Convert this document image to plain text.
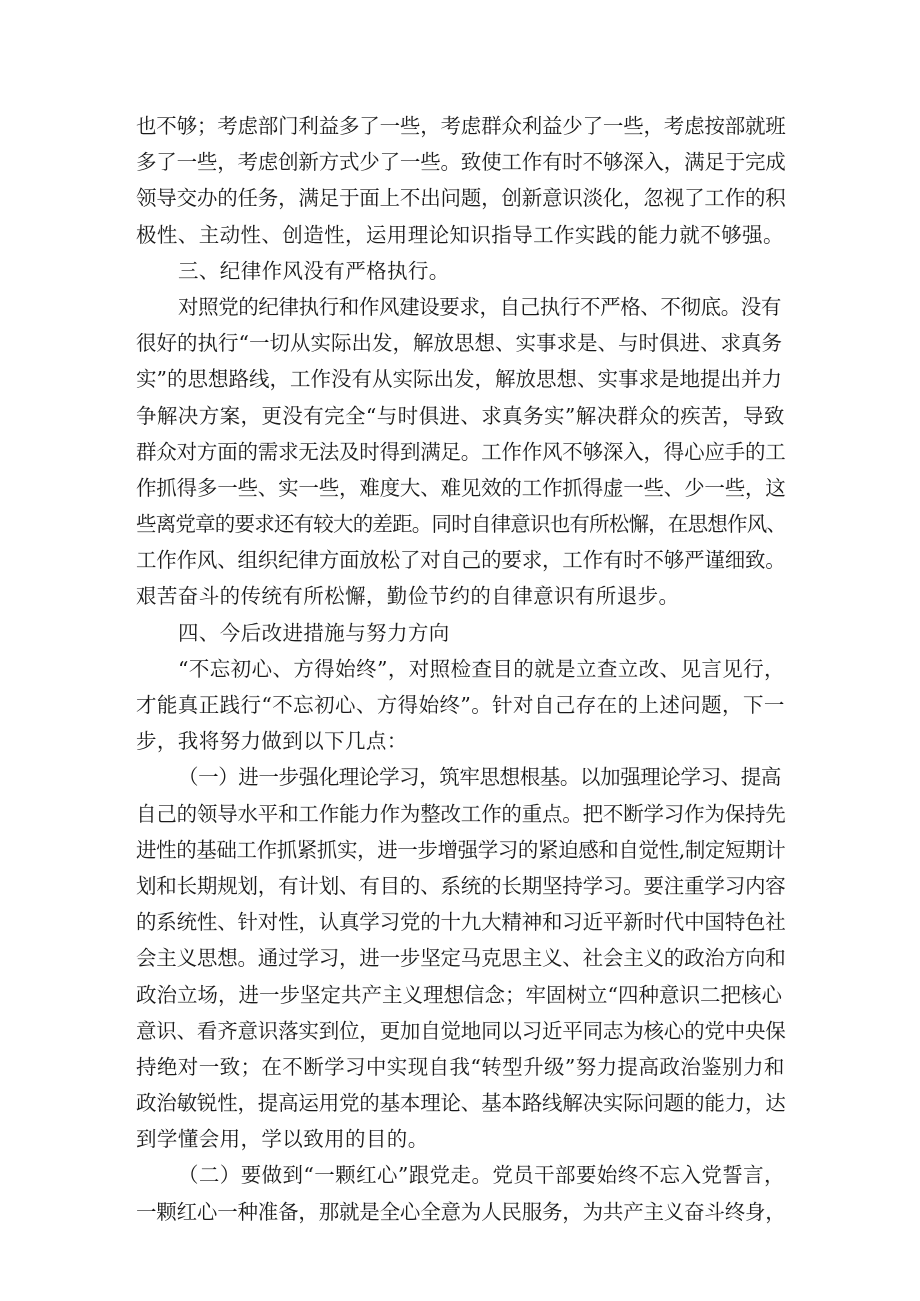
也不够；考虑部门利益多了一些，考虑群众利益少了一些，考虑按部就班
多了一些，考虑创新方式少了一些。致使工作有时不够深入，满足于完成
领导交办的任务，满足于面上不出问题，创新意识淡化，忽视了工作的积
极性、主动性、创造性，运用理论知识指导工作实践的能力就不够强。
三、纪律作风没有严格执行。
对照党的纪律执行和作风建设要求，自己执行不严格、不彻底。没有
很好的执行“一切从实际出发，解放思想、实事求是、与时俱进、求真务
实”的思想路线，工作没有从实际出发，解放思想、实事求是地提出并力
争解决方案，更没有完全“与时俱进、求真务实”解决群众的疾苦，导致
群众对方面的需求无法及时得到满足。工作作风不够深入，得心应手的工
作抓得多一些、实一些，难度大、难见效的工作抓得虚一些、少一些，这
些离党章的要求还有较大的差距。同时自律意识也有所松懈，在思想作风、
工作作风、组织纪律方面放松了对自己的要求，工作有时不够严谨细致。
艰苦奋斗的传统有所松懈，勤俭节约的自律意识有所退步。
四、今后改进措施与努力方向
“不忘初心、方得始终”，对照检查目的就是立查立改、见言见行，
才能真正践行“不忘初心、方得始终”。针对自己存在的上述问题，下一
步，我将努力做到以下几点：
（一）进一步强化理论学习，筑牢思想根基。以加强理论学习、提高
自己的领导水平和工作能力作为整改工作的重点。把不断学习作为保持先
进性的基础工作抓紧抓实，进一步增强学习的紧迫感和自觉性,制定短期计
划和长期规划，有计划、有目的、系统的长期坚持学习。要注重学习内容
的系统性、针对性，认真学习党的十九大精神和习近平新时代中国特色社
会主义思想。通过学习，进一步坚定马克思主义、社会主义的政治方向和
政治立场，进一步坚定共产主义理想信念；牢固树立“四种意识二把核心
意识、看齐意识落实到位，更加自觉地同以习近平同志为核心的党中央保
持绝对一致；在不断学习中实现自我“转型升级”努力提高政治鉴别力和
政治敏锐性，提高运用党的基本理论、基本路线解决实际问题的能力，达
到学懂会用，学以致用的目的。
（二）要做到“一颗红心”跟党走。党员干部要始终不忘入党誓言，
一颗红心一种准备，那就是全心全意为人民服务，为共产主义奋斗终身，
